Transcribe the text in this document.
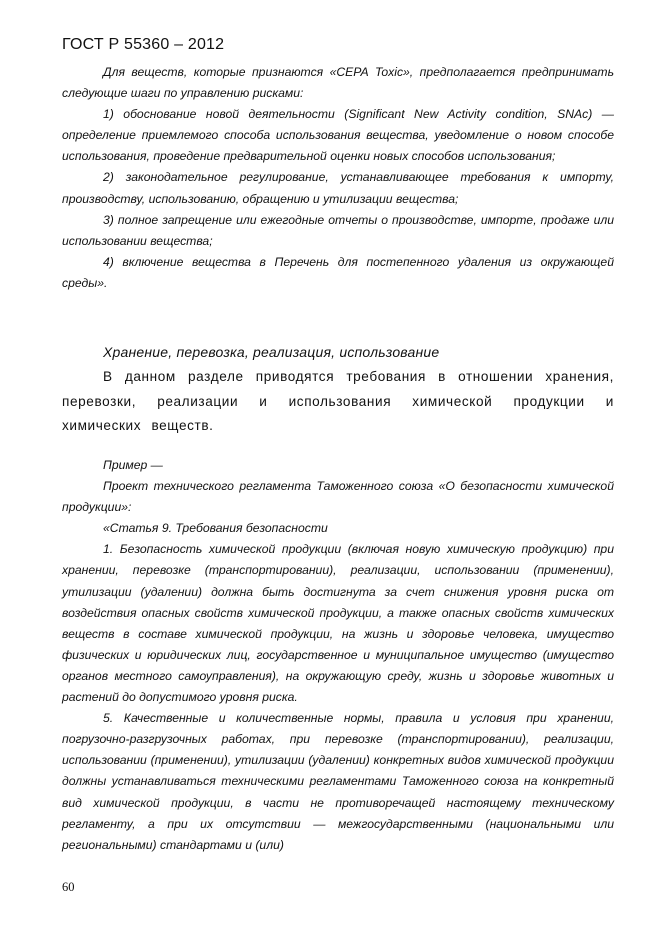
ГОСТ Р 55360 – 2012

Для веществ, которые признаются «СЕРА Toxic», предполагается предпринимать следующие шаги по управлению рисками:

1) обоснование новой деятельности (Significant New Activity condition, SNAc) — определение приемлемого способа использования вещества, уведомление о новом способе использования, проведение предварительной оценки новых способов использования;

2) законодательное регулирование, устанавливающее требования к импорту, производству, использованию, обращению и утилизации вещества;

3) полное запрещение или ежегодные отчеты о производстве, импорте, продаже или использовании вещества;

4) включение вещества в Перечень для постепенного удаления из окружающей среды».

Хранение, перевозка, реализация, использование

В данном разделе приводятся требования в отношении хранения, перевозки, реализации и использования химической продукции и химических веществ.

Пример —

Проект технического регламента Таможенного союза «О безопасности химической продукции»:

«Статья 9. Требования безопасности

1. Безопасность химической продукции (включая новую химическую продукцию) при хранении, перевозке (транспортировании), реализации, использовании (применении), утилизации (удалении) должна быть достигнута за счет снижения уровня риска от воздействия опасных свойств химической продукции, а также опасных свойств химических веществ в составе химической продукции, на жизнь и здоровье человека, имущество физических и юридических лиц, государственное и муниципальное имущество (имущество органов местного самоуправления), на окружающую среду, жизнь и здоровье животных и растений до допустимого уровня риска.

5. Качественные и количественные нормы, правила и условия при хранении, погрузочно-разгрузочных работах, при перевозке (транспортировании), реализации, использовании (применении), утилизации (удалении) конкретных видов химической продукции должны устанавливаться техническими регламентами Таможенного союза на конкретный вид химической продукции, в части не противоречащей настоящему техническому регламенту, а при их отсутствии — межгосударственными (национальными или региональными) стандартами и (или)

60
